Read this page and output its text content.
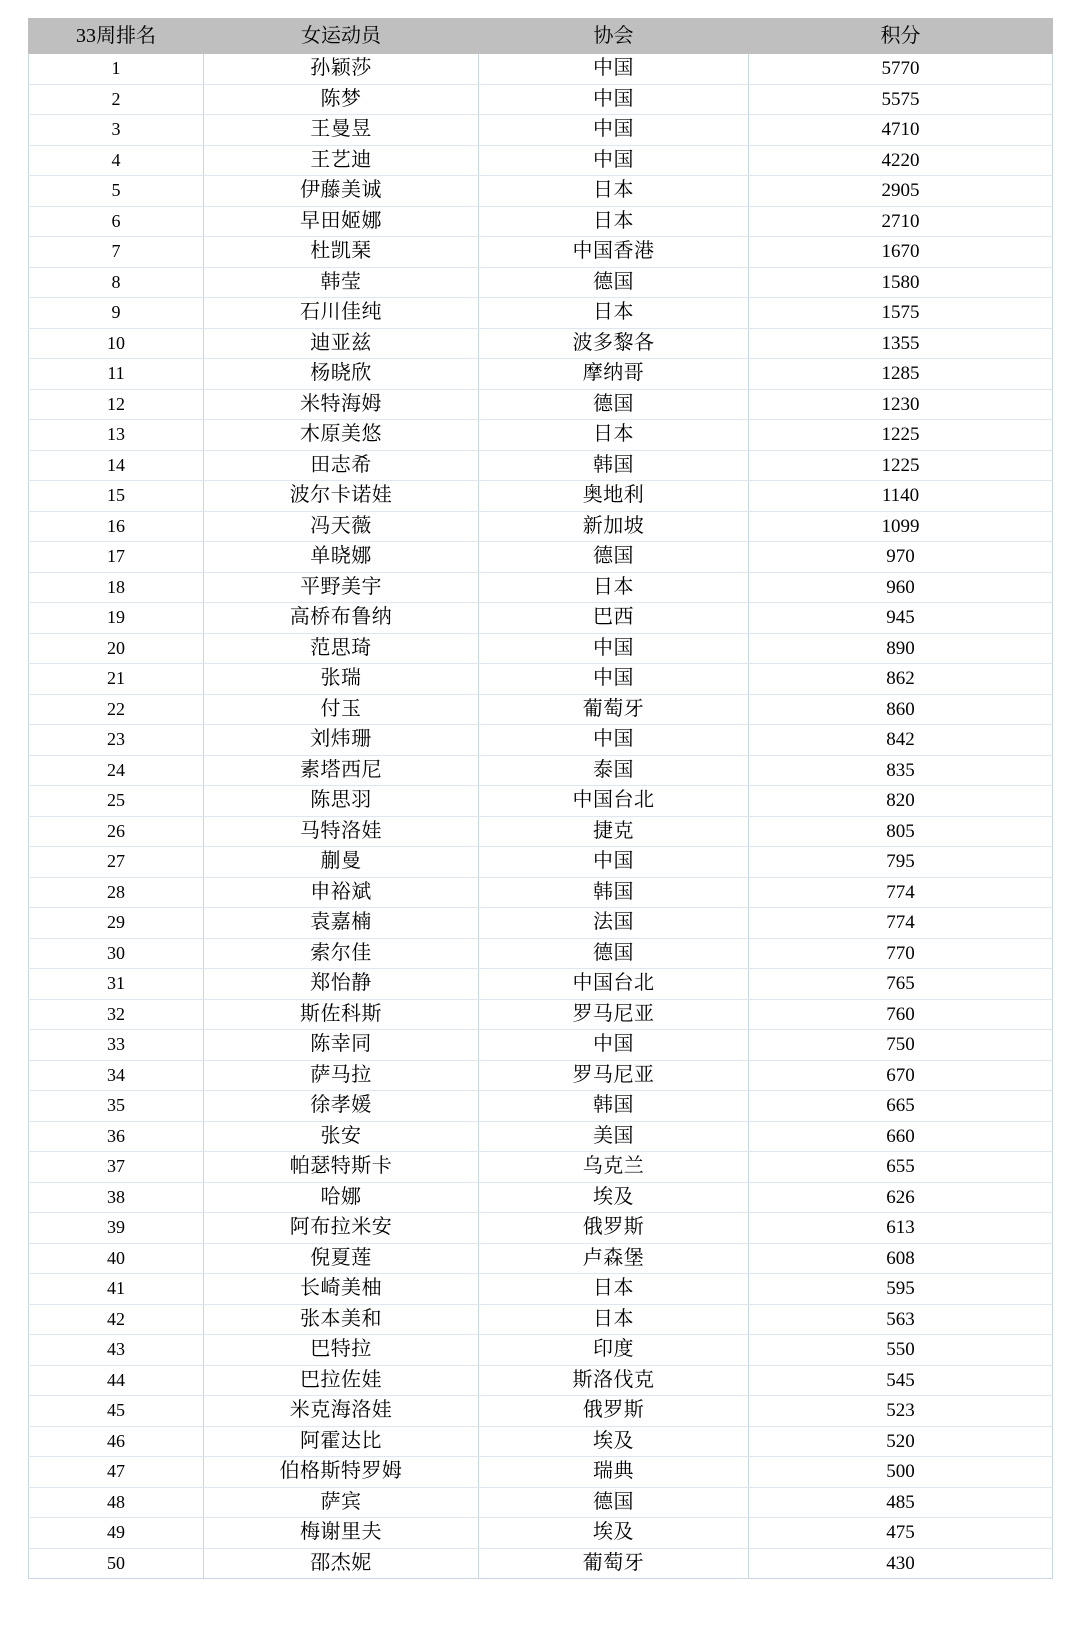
33周排名	女运动员	协会	积分
1	孙颖莎	中国	5770
2	陈梦	中国	5575
3	王曼昱	中国	4710
4	王艺迪	中国	4220
5	伊藤美诚	日本	2905
6	早田姬娜	日本	2710
7	杜凯琹	中国香港	1670
8	韩莹	德国	1580
9	石川佳纯	日本	1575
10	迪亚兹	波多黎各	1355
11	杨晓欣	摩纳哥	1285
12	米特海姆	德国	1230
13	木原美悠	日本	1225
14	田志希	韩国	1225
15	波尔卡诺娃	奥地利	1140
16	冯天薇	新加坡	1099
17	单晓娜	德国	970
18	平野美宇	日本	960
19	高桥布鲁纳	巴西	945
20	范思琦	中国	890
21	张瑞	中国	862
22	付玉	葡萄牙	860
23	刘炜珊	中国	842
24	素塔西尼	泰国	835
25	陈思羽	中国台北	820
26	马特洛娃	捷克	805
27	蒯曼	中国	795
28	申裕斌	韩国	774
29	袁嘉楠	法国	774
30	索尔佳	德国	770
31	郑怡静	中国台北	765
32	斯佐科斯	罗马尼亚	760
33	陈幸同	中国	750
34	萨马拉	罗马尼亚	670
35	徐孝媛	韩国	665
36	张安	美国	660
37	帕瑟特斯卡	乌克兰	655
38	哈娜	埃及	626
39	阿布拉米安	俄罗斯	613
40	倪夏莲	卢森堡	608
41	长崎美柚	日本	595
42	张本美和	日本	563
43	巴特拉	印度	550
44	巴拉佐娃	斯洛伐克	545
45	米克海洛娃	俄罗斯	523
46	阿霍达比	埃及	520
47	伯格斯特罗姆	瑞典	500
48	萨宾	德国	485
49	梅谢里夫	埃及	475
50	邵杰妮	葡萄牙	430
